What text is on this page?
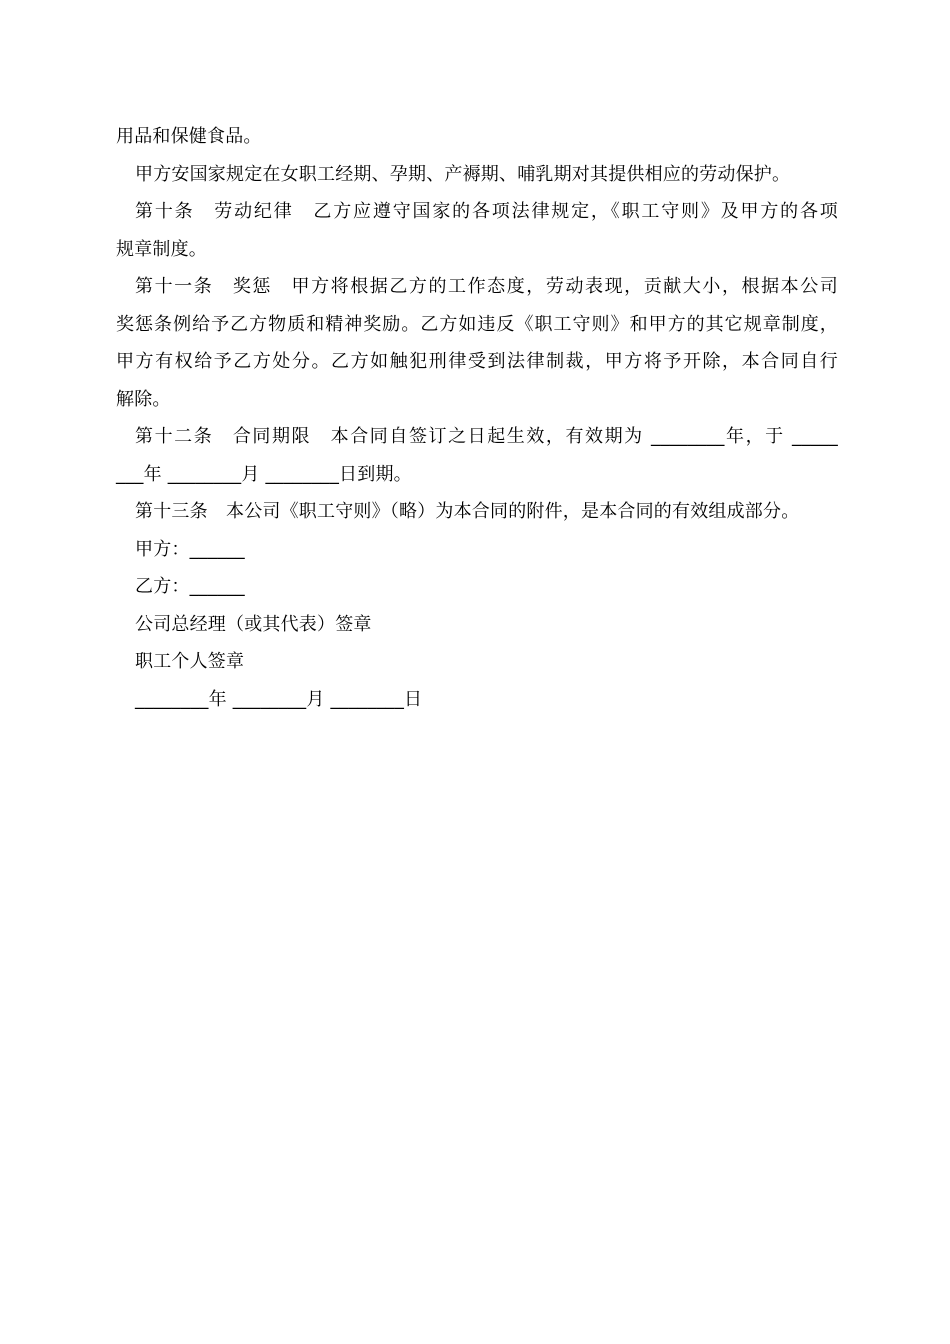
用品和保健食品。
甲方安国家规定在女职工经期、孕期、产褥期、哺乳期对其提供相应的劳动保护。
第十条　劳动纪律　乙方应遵守国家的各项法律规定，《职工守则》及甲方的各项
规章制度。
第十一条　奖惩　甲方将根据乙方的工作态度，劳动表现，贡献大小，根据本公司
奖惩条例给予乙方物质和精神奖励。乙方如违反《职工守则》和甲方的其它规章制度，
甲方有权给予乙方处分。乙方如触犯刑律受到法律制裁，甲方将予开除，本合同自行
解除。
第十二条　合同期限　本合同自签订之日起生效，有效期为 ________年，于 _____
___年 ________月 ________日到期。
第十三条　本公司《职工守则》（略）为本合同的附件，是本合同的有效组成部分。
甲方：______
乙方：______
公司总经理（或其代表）签章
职工个人签章
________年 ________月 ________日
